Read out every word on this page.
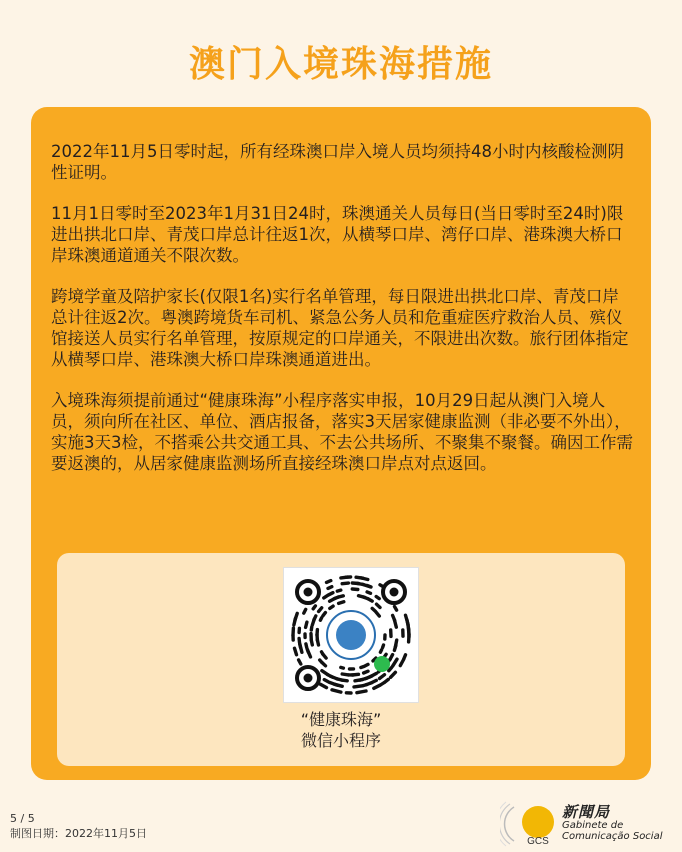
澳门入境珠海措施

2022年11月5日零时起，所有经珠澳口岸入境人员均须持48小时内核酸检测阴性证明。

11月1日零时至2023年1月31日24时，珠澳通关人员每日(当日零时至24时)限进出拱北口岸、青茂口岸总计往返1次，从横琴口岸、湾仔口岸、港珠澳大桥口岸珠澳通道通关不限次数。

跨境学童及陪护家长(仅限1名)实行名单管理，每日限进出拱北口岸、青茂口岸总计往返2次。粤澳跨境货车司机、紧急公务人员和危重症医疗救治人员、殡仪馆接送人员实行名单管理，按原规定的口岸通关，不限进出次数。旅行团体指定从横琴口岸、港珠澳大桥口岸珠澳通道进出。

入境珠海须提前通过“健康珠海”小程序落实申报，10月29日起从澳门入境人员，须向所在社区、单位、酒店报备，落实3天居家健康监测（非必要不外出），实施3天3检，不搭乘公共交通工具、不去公共场所、不聚集不聚餐。确因工作需要返澳的，从居家健康监测场所直接经珠澳口岸点对点返回。

“健康珠海”
微信小程序
5 / 5
制图日期：2022年11月5日
GCS
新聞局
Gabinete de
Comunicação Social
